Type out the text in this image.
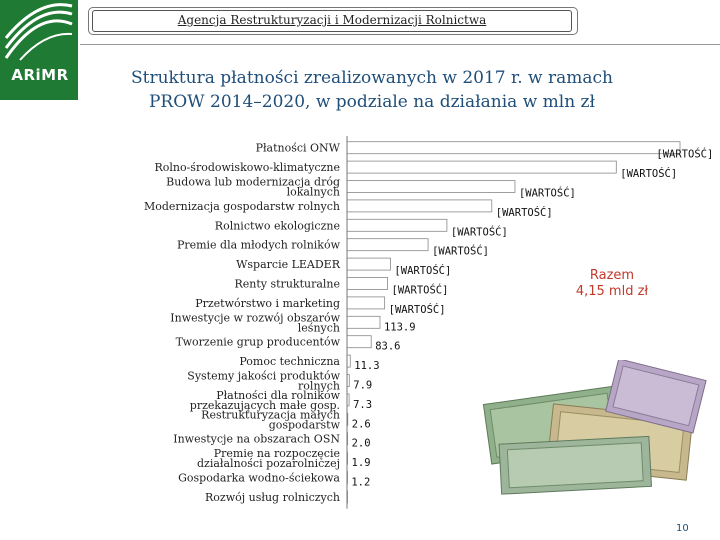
ARiMR
Agencja Restrukturyzacji i Modernizacji Rolnictwa
Struktura płatności zrealizowanych w 2017 r. w ramach
PROW 2014–2020, w podziale na działania w mln zł
Płatności ONW	[WARTOŚĆ]
Rolno-środowiskowo-klimatyczne	[WARTOŚĆ]
Budowa lub modernizacja dróg lokalnych	[WARTOŚĆ]
Modernizacja gospodarstw rolnych	[WARTOŚĆ]
Rolnictwo ekologiczne	[WARTOŚĆ]
Premie dla młodych rolników
[WARTOŚĆ]
Wsparcie LEADER	[WARTOŚĆ]
Renty strukturalne	[WARTOŚĆ]
Przetwórstwo i marketing	[WARTOŚĆ]
Inwestycje w rozwój obszarów leśnych	113.9
Tworzenie grup producentów	83.6
Pomoc techniczna 11.3
Systemy jakości produktów rolnych 7.9
Płatności dla rolników przekazujących małe gosp. 7.3
Restrukturyzacja małych gospodarstw 2.6
Inwestycje na obszarach OSN 2.0
Premie na rozpoczęcie działalności pozarolniczej 1.9
Gospodarka wodno-ściekowa 1.2
Rozwój usług rolniczych
Razem
4,15 mld zł
10
